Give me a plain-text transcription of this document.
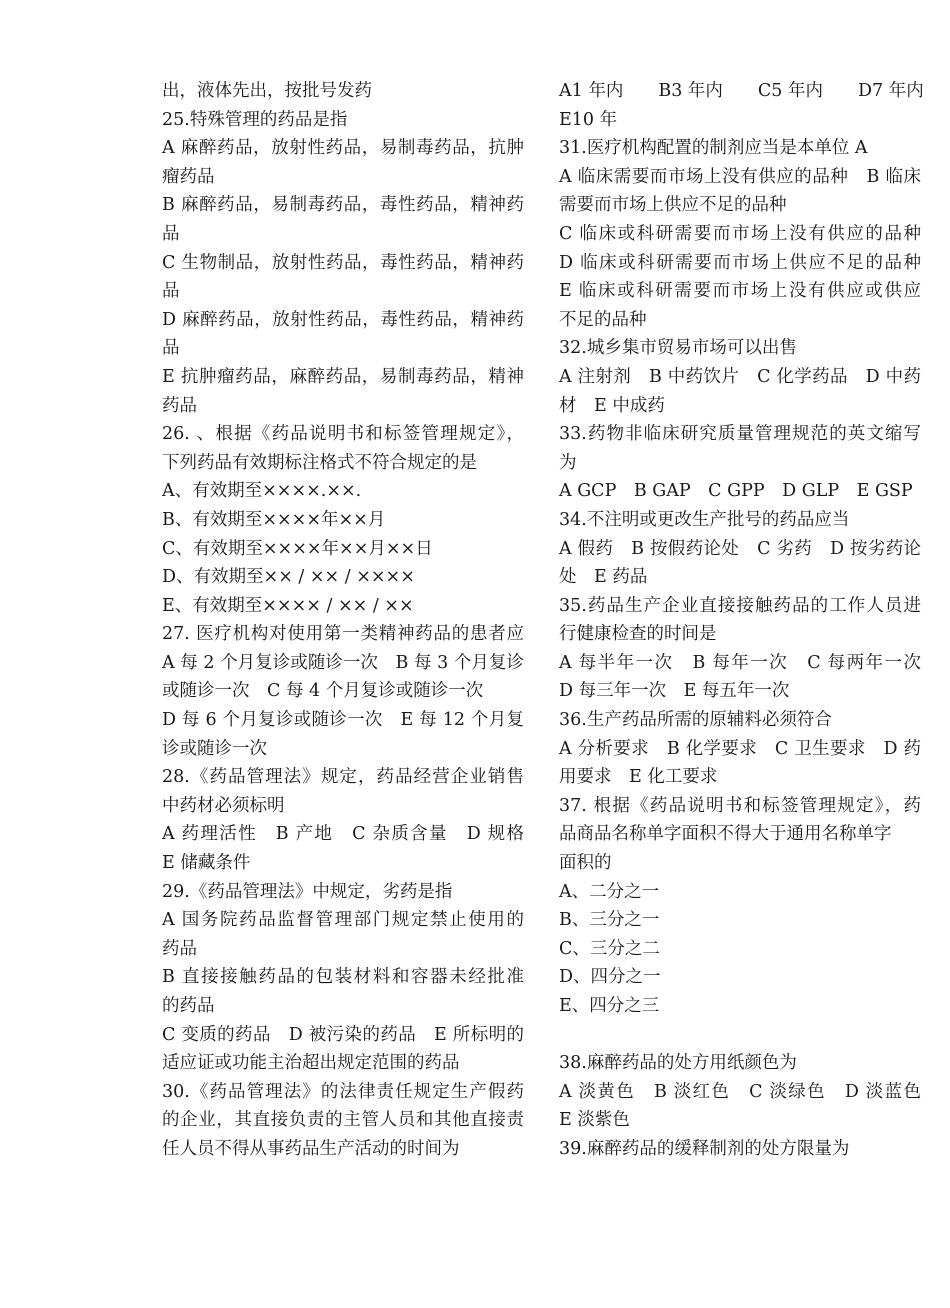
出，液体先出，按批号发药
25.特殊管理的药品是指
A 麻醉药品，放射性药品，易制毒药品，抗肿
瘤药品
B 麻醉药品，易制毒药品，毒性药品，精神药
品
C 生物制品，放射性药品，毒性药品，精神药
品
D 麻醉药品，放射性药品，毒性药品，精神药
品
E 抗肿瘤药品，麻醉药品，易制毒药品，精神
药品
26. 、根据《药品说明书和标签管理规定》，
下列药品有效期标注格式不符合规定的是
A、有效期至××××.××.
B、有效期至××××年××月
C、有效期至××××年××月××日
D、有效期至×× / ×× / ××××
E、有效期至×××× / ×× / ××
27. 医疗机构对使用第一类精神药品的患者应
A 每 2 个月复诊或随诊一次　B 每 3 个月复诊
或随诊一次　C 每 4 个月复诊或随诊一次
D 每 6 个月复诊或随诊一次　E 每 12 个月复
诊或随诊一次
28.《药品管理法》规定，药品经营企业销售
中药材必须标明
A 药理活性　B 产地　C 杂质含量　D 规格
E 储藏条件
29.《药品管理法》中规定，劣药是指
A 国务院药品监督管理部门规定禁止使用的
药品
B 直接接触药品的包装材料和容器未经批准
的药品
C 变质的药品　D 被污染的药品　E 所标明的
适应证或功能主治超出规定范围的药品
30.《药品管理法》的法律责任规定生产假药
的企业，其直接负责的主管人员和其他直接责
任人员不得从事药品生产活动的时间为
A1 年内　　B3 年内　　C5 年内　　D7 年内
E10 年
31.医疗机构配置的制剂应当是本单位 A
A 临床需要而市场上没有供应的品种　B 临床
需要而市场上供应不足的品种
C 临床或科研需要而市场上没有供应的品种
D 临床或科研需要而市场上供应不足的品种
E 临床或科研需要而市场上没有供应或供应
不足的品种
32.城乡集市贸易市场可以出售
A 注射剂　B 中药饮片　C 化学药品　D 中药
材　E 中成药
33.药物非临床研究质量管理规范的英文缩写
为
A GCP　B GAP　C GPP　D GLP　E GSP
34.不注明或更改生产批号的药品应当
A 假药　B 按假药论处　C 劣药　D 按劣药论
处　E 药品
35.药品生产企业直接接触药品的工作人员进
行健康检查的时间是
A 每半年一次　B 每年一次　C 每两年一次
D 每三年一次　E 每五年一次
36.生产药品所需的原辅料必须符合
A 分析要求　B 化学要求　C 卫生要求　D 药
用要求　E 化工要求
37. 根据《药品说明书和标签管理规定》，药
品商品名称单字面积不得大于通用名称单字
面积的
A、二分之一
B、三分之一
C、三分之二
D、四分之一
E、四分之三
38.麻醉药品的处方用纸颜色为
A 淡黄色　B 淡红色　C 淡绿色　D 淡蓝色
E 淡紫色
39.麻醉药品的缓释制剂的处方限量为
